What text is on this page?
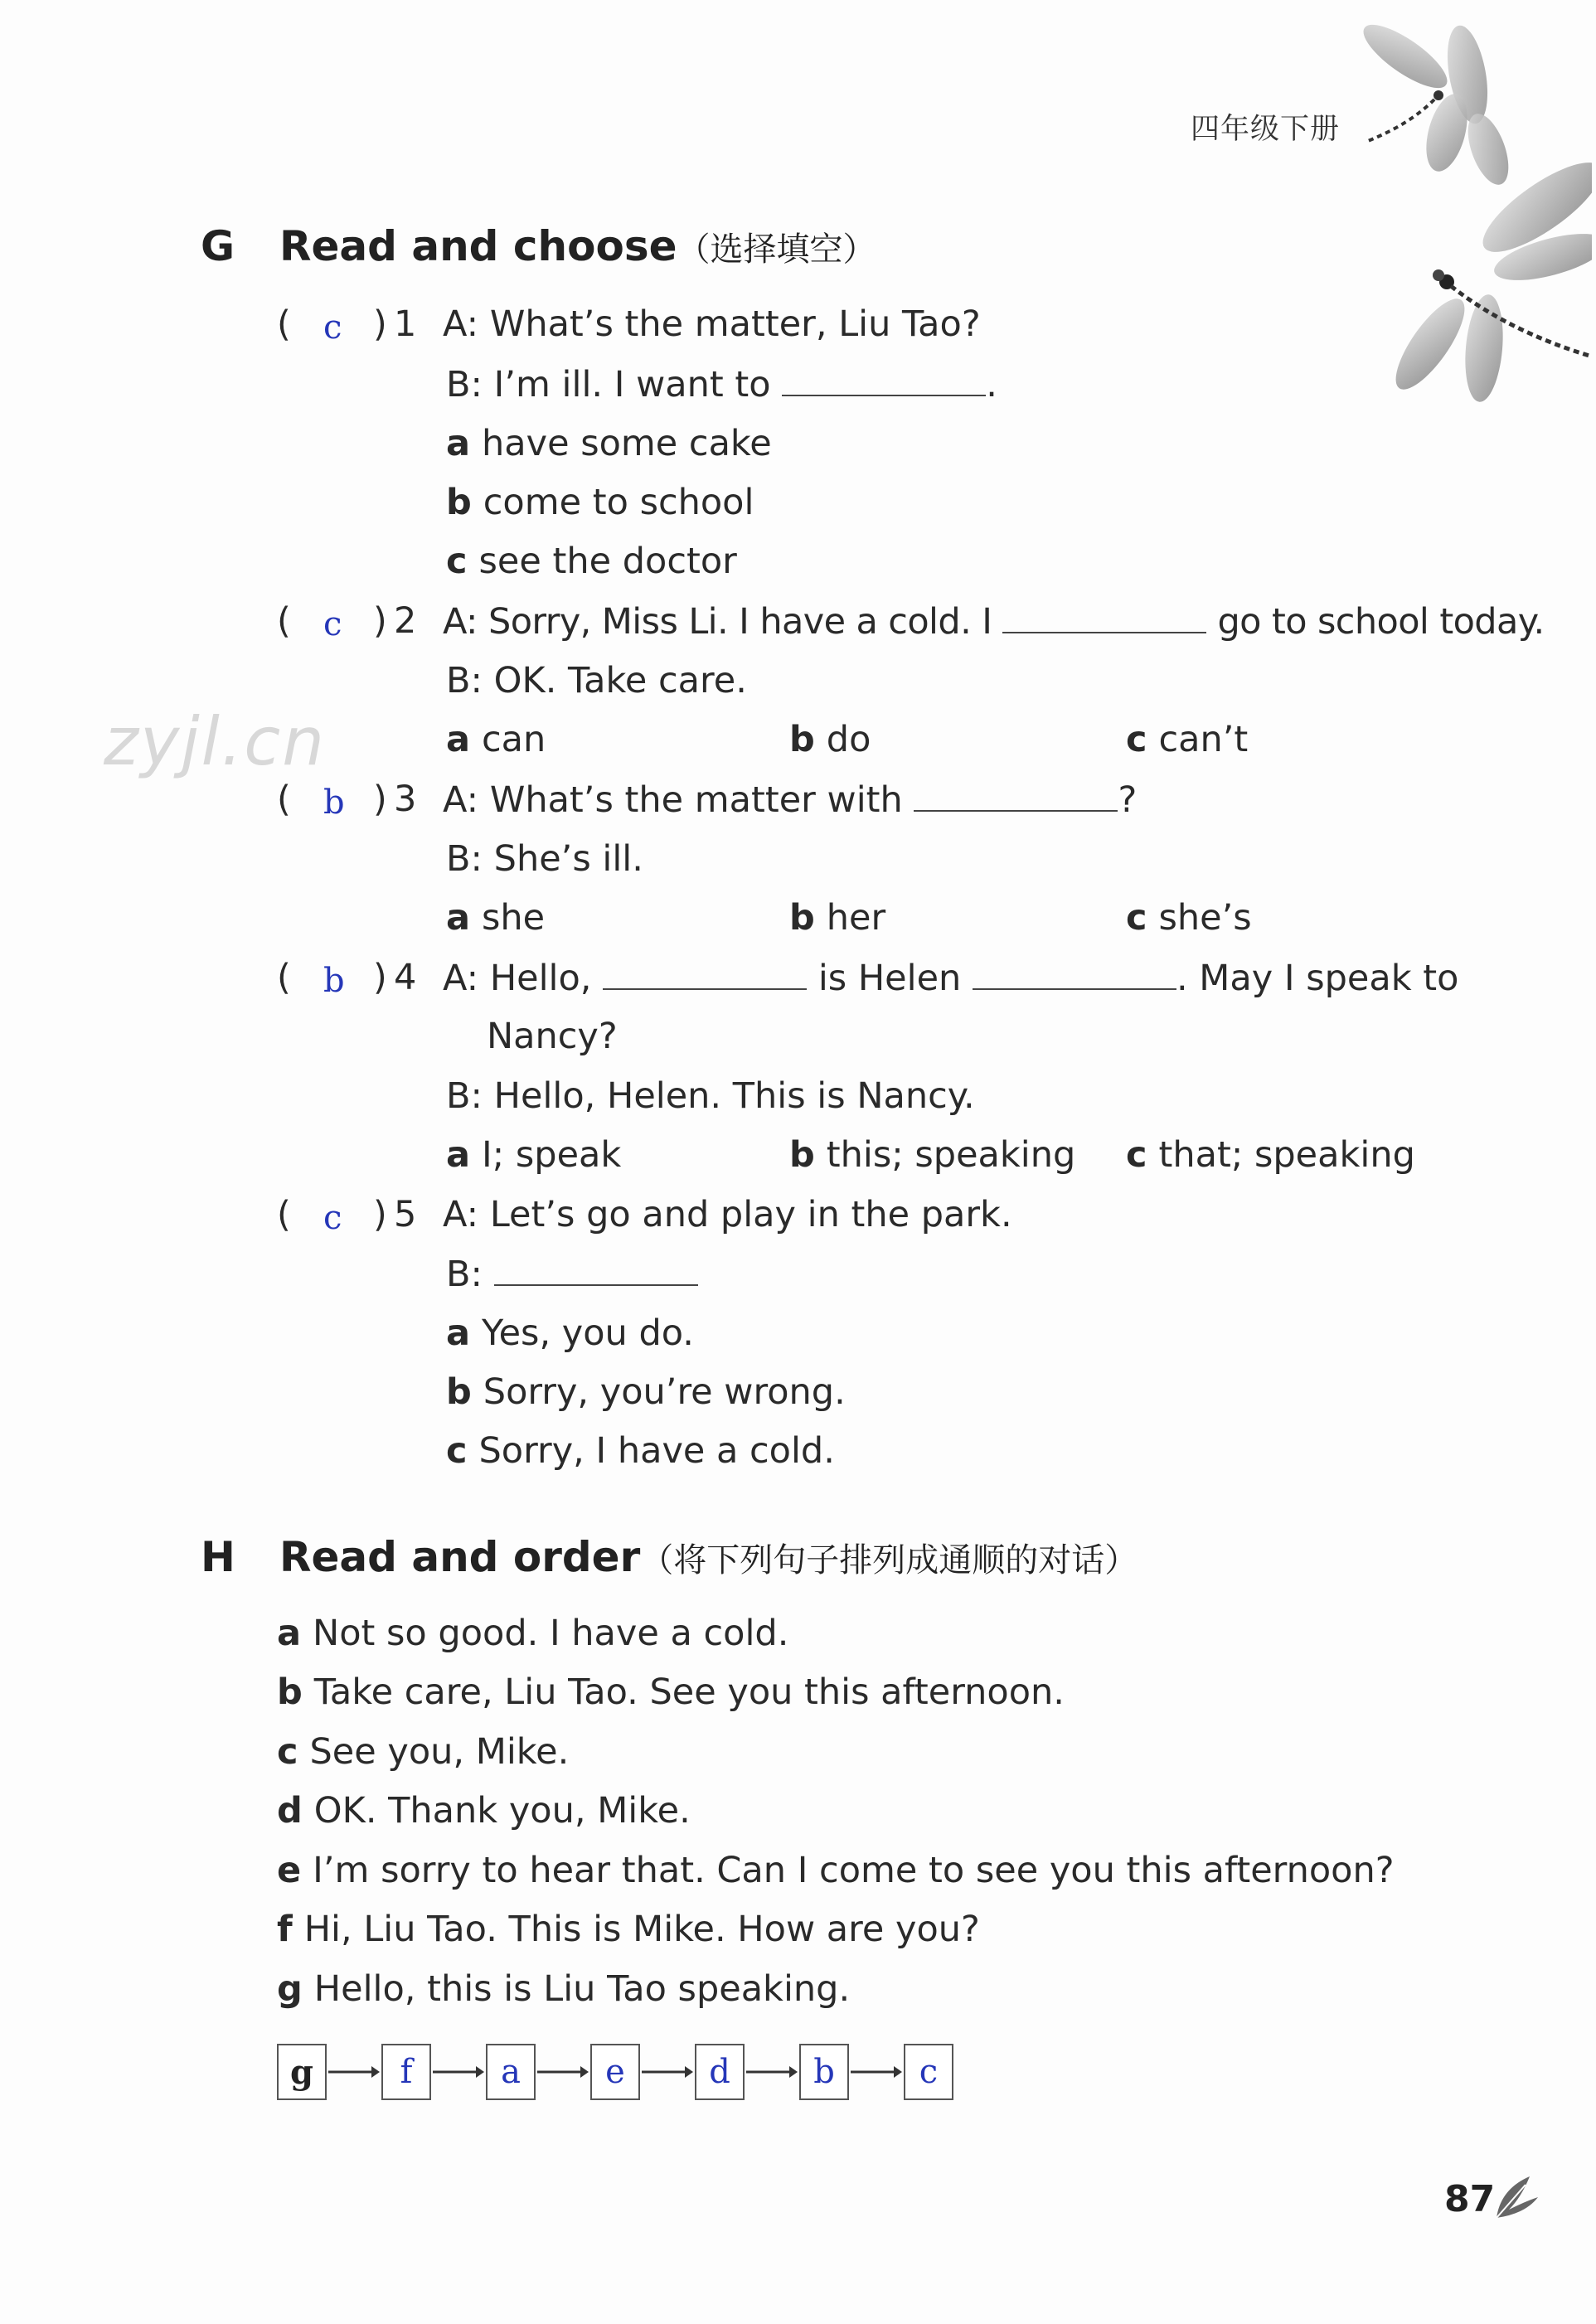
四年级下册
zyjl.cn
G Read and choose（选择填空）
( c ) 1 A: What’s the matter, Liu Tao?
B: I’m ill. I want to	.
a have some cake
b come to school
c see the doctor
( c ) 2 A: Sorry, Miss Li. I have a cold. I	go to school today.
B: OK. Take care.
a can	b do	c can’t
( b ) 3 A: What’s the matter with	?
B: She’s ill.
a she	b her	c she’s
( b ) 4 A: Hello,	is Helen	. May I speak to
Nancy?
B: Hello, Helen. This is Nancy.
a I; speak	b this; speaking c that; speaking
( c ) 5 A: Let’s go and play in the park.
B:
a Yes, you do.
b Sorry, you’re wrong.
c Sorry, I have a cold.
H Read and order（将下列句子排列成通顺的对话）
a Not so good. I have a cold.
b Take care, Liu Tao. See you this afternoon.
c See you, Mike.
d OK. Thank you, Mike.
e I’m sorry to hear that. Can I come to see you this afternoon?
f Hi, Liu Tao. This is Mike. How are you?
g Hello, this is Liu Tao speaking.
g	f	a	e	d	b	c
87
